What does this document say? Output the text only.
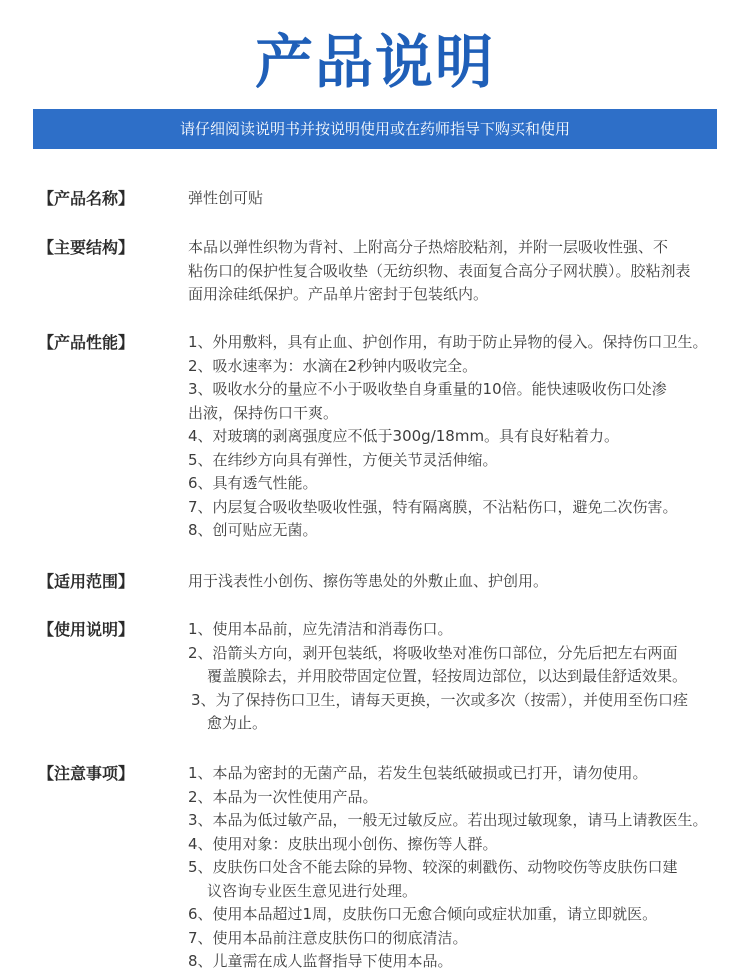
产品说明
请仔细阅读说明书并按说明使用或在药师指导下购买和使用
【产品名称】	弹性创可贴
【主要结构】	本品以弹性织物为背衬、上附高分子热熔胶粘剂，并附一层吸收性强、不
粘伤口的保护性复合吸收垫（无纺织物、表面复合高分子网状膜）。胶粘剂表
面用涂硅纸保护。产品单片密封于包装纸内。
【产品性能】	1、外用敷料，具有止血、护创作用，有助于防止异物的侵入。保持伤口卫生。
2、吸水速率为：水滴在2秒钟内吸收完全。
3、吸收水分的量应不小于吸收垫自身重量的10倍。能快速吸收伤口处渗
出液，保持伤口干爽。
4、对玻璃的剥离强度应不低于300g/18mm。具有良好粘着力。
5、在纬纱方向具有弹性，方便关节灵活伸缩。
6、具有透气性能。
7、内层复合吸收垫吸收性强，特有隔离膜，不沾粘伤口，避免二次伤害。
8、创可贴应无菌。
【适用范围】	用于浅表性小创伤、擦伤等患处的外敷止血、护创用。
【使用说明】	1、使用本品前，应先清洁和消毒伤口。
2、沿箭头方向，剥开包装纸，将吸收垫对准伤口部位，分先后把左右两面
覆盖膜除去，并用胶带固定位置，轻按周边部位，以达到最佳舒适效果。
3、为了保持伤口卫生，请每天更换，一次或多次（按需），并使用至伤口痊
愈为止。
【注意事项】	1、本品为密封的无菌产品，若发生包装纸破损或已打开，请勿使用。
2、本品为一次性使用产品。
3、本品为低过敏产品，一般无过敏反应。若出现过敏现象，请马上请教医生。
4、使用对象：皮肤出现小创伤、擦伤等人群。
5、皮肤伤口处含不能去除的异物、较深的刺戳伤、动物咬伤等皮肤伤口建
议咨询专业医生意见进行处理。
6、使用本品超过1周，皮肤伤口无愈合倾向或症状加重，请立即就医。
7、使用本品前注意皮肤伤口的彻底清洁。
8、儿童需在成人监督指导下使用本品。
